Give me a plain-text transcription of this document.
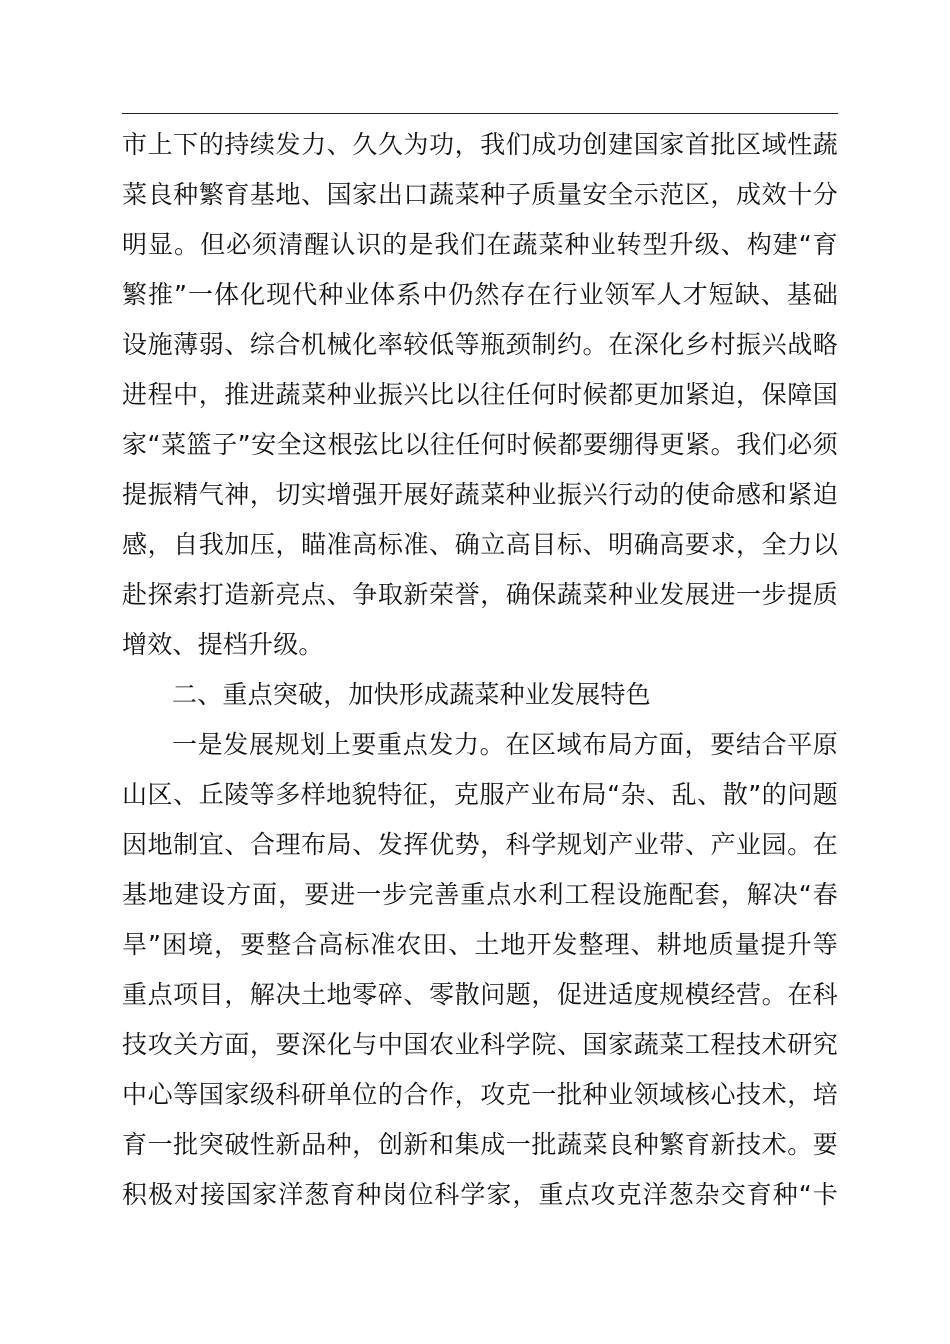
市上下的持续发力、久久为功，我们成功创建国家首批区域性蔬
菜良种繁育基地、国家出口蔬菜种子质量安全示范区，成效十分
明显。但必须清醒认识的是我们在蔬菜种业转型升级、构建“育
繁推”一体化现代种业体系中仍然存在行业领军人才短缺、基础
设施薄弱、综合机械化率较低等瓶颈制约。在深化乡村振兴战略
进程中，推进蔬菜种业振兴比以往任何时候都更加紧迫，保障国
家“菜篮子”安全这根弦比以往任何时候都要绷得更紧。我们必须
提振精气神，切实增强开展好蔬菜种业振兴行动的使命感和紧迫
感，自我加压，瞄准高标准、确立高目标、明确高要求，全力以
赴探索打造新亮点、争取新荣誉，确保蔬菜种业发展进一步提质
增效、提档升级。
二、重点突破，加快形成蔬菜种业发展特色
一是发展规划上要重点发力。在区域布局方面，要结合平原
山区、丘陵等多样地貌特征，克服产业布局“杂、乱、散”的问题
因地制宜、合理布局、发挥优势，科学规划产业带、产业园。在
基地建设方面，要进一步完善重点水利工程设施配套，解决“春
旱”困境，要整合高标准农田、土地开发整理、耕地质量提升等
重点项目，解决土地零碎、零散问题，促进适度规模经营。在科
技攻关方面，要深化与中国农业科学院、国家蔬菜工程技术研究
中心等国家级科研单位的合作，攻克一批种业领域核心技术，培
育一批突破性新品种，创新和集成一批蔬菜良种繁育新技术。要
积极对接国家洋葱育种岗位科学家，重点攻克洋葱杂交育种“卡
